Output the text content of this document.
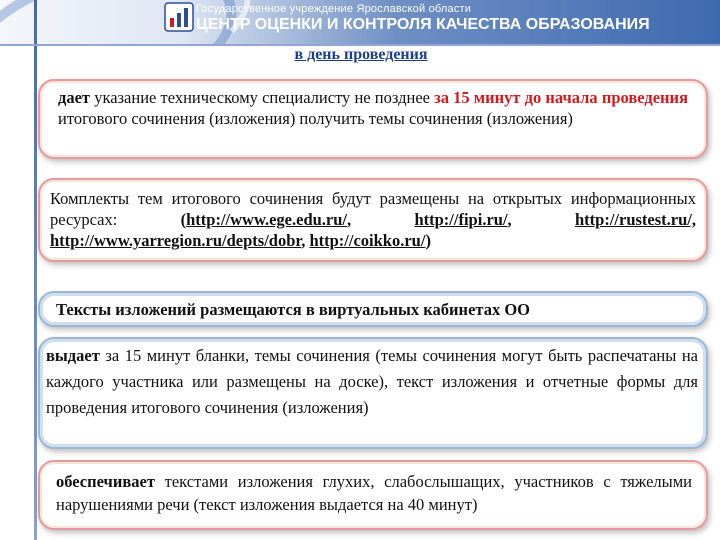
Государственное учреждение Ярославской области
ЦЕНТР ОЦЕНКИ И КОНТРОЛЯ КАЧЕСТВА ОБРАЗОВАНИЯ
в день проведения
дает указание техническому специалисту не позднее за 15 минут до начала проведения итогового сочинения (изложения) получить темы сочинения (изложения)
Комплекты тем итогового сочинения будут размещены на открытых информационных ресурсах: (http://www.ege.edu.ru/, http://fipi.ru/, http://rustest.ru/, http://www.yarregion.ru/depts/dobr, http://coikko.ru/)
Тексты изложений размещаются в виртуальных кабинетах ОО
выдает за 15 минут бланки, темы сочинения (темы сочинения могут быть распечатаны на каждого участника или размещены на доске), текст изложения и отчетные формы для проведения итогового сочинения (изложения)
обеспечивает текстами изложения глухих, слабослышащих, участников с тяжелыми нарушениями речи (текст изложения выдается на 40 минут)
